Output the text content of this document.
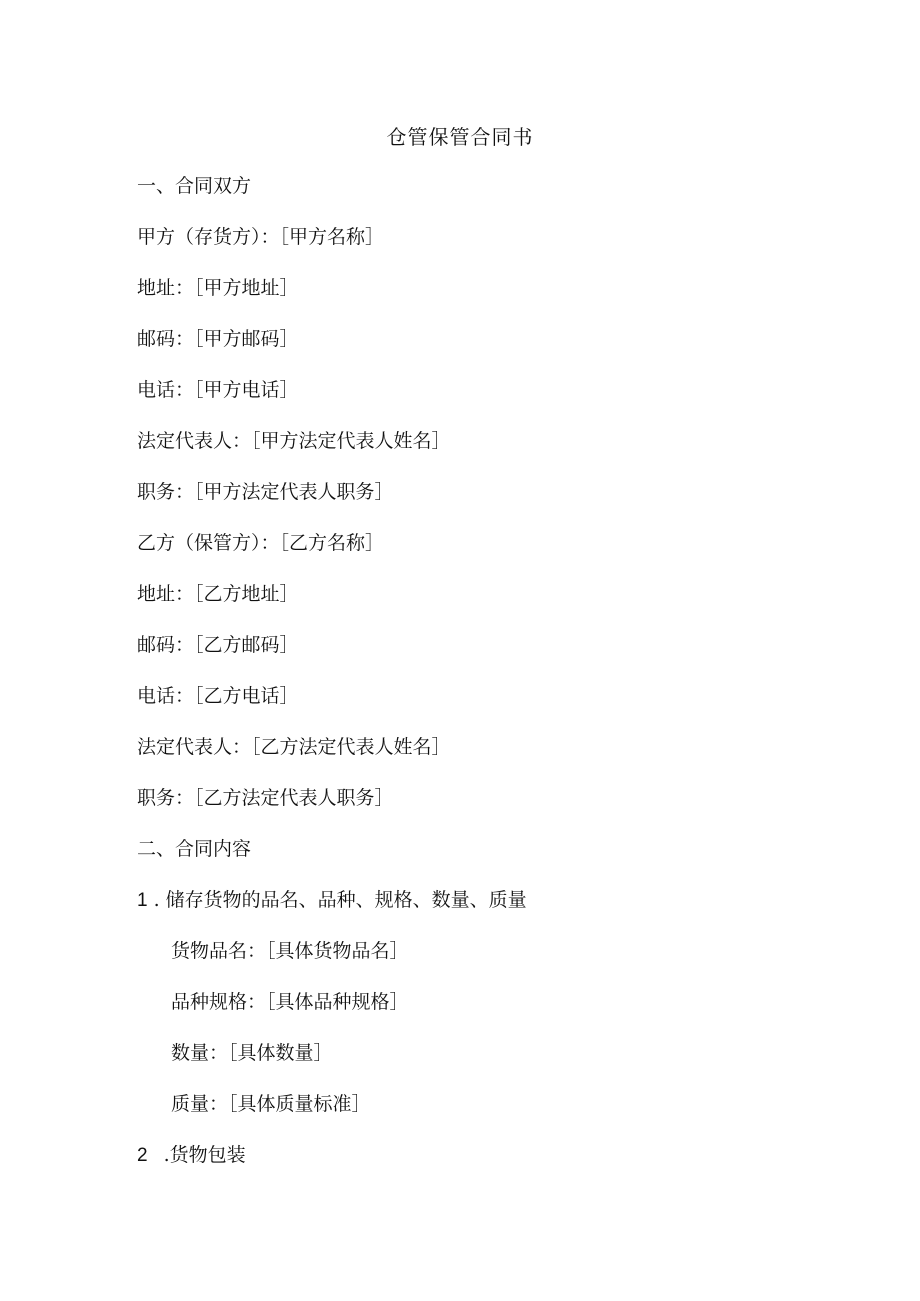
仓管保管合同书
一、合同双方
甲方（存货方）：［甲方名称］
地址：［甲方地址］
邮码：［甲方邮码］
电话：［甲方电话］
法定代表人：［甲方法定代表人姓名］
职务：［甲方法定代表人职务］
乙方（保管方）：［乙方名称］
地址：［乙方地址］
邮码：［乙方邮码］
电话：［乙方电话］
法定代表人：［乙方法定代表人姓名］
职务：［乙方法定代表人职务］
二、合同内容
1 . 储存货物的品名、品种、规格、数量、质量
货物品名：［具体货物品名］
品种规格：［具体品种规格］
数量：［具体数量］
质量：［具体质量标准］
2 .货物包装
